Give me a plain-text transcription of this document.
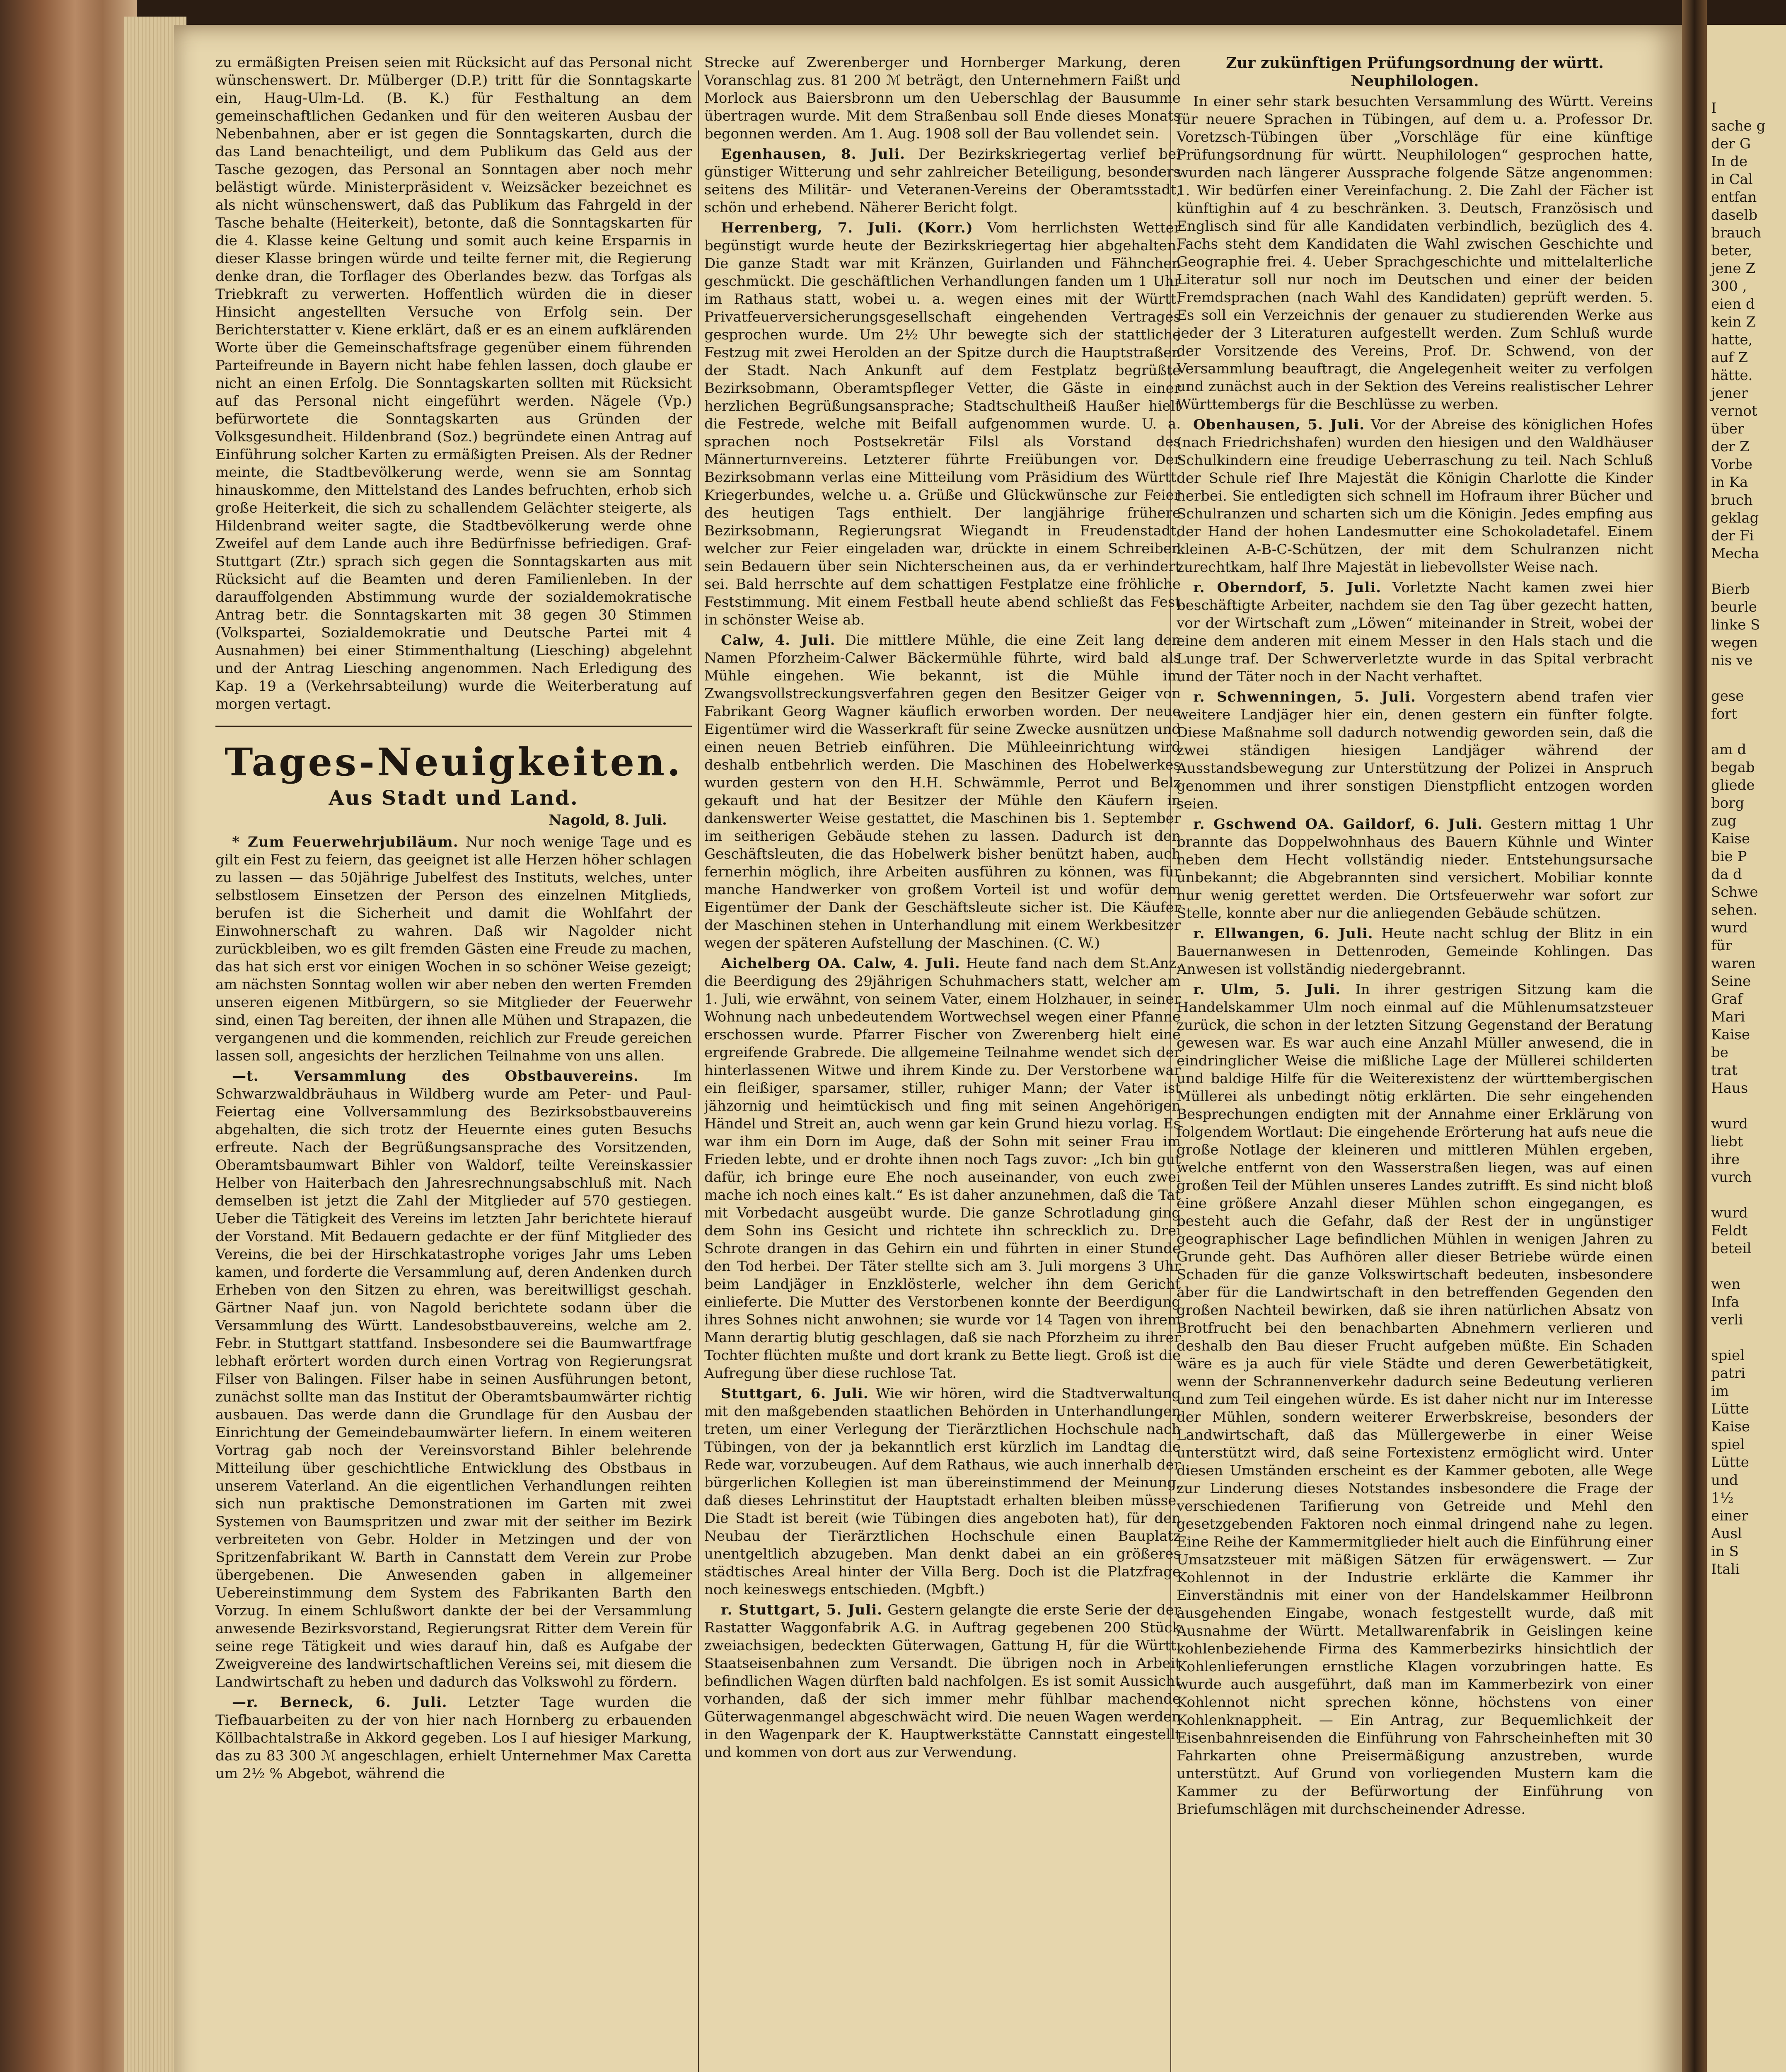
zu ermäßigten Preisen seien mit Rücksicht auf das Personal nicht wünschenswert. Dr. Mülberger (D.P.) tritt für die Sonntagskarte ein, Haug-Ulm-Ld. (B. K.) für Festhaltung an dem gemeinschaftlichen Gedanken und für den weiteren Ausbau der Nebenbahnen, aber er ist gegen die Sonntagskarten, durch die das Land benachteiligt, und dem Publikum das Geld aus der Tasche gezogen, das Personal an Sonntagen aber noch mehr belästigt würde. Ministerpräsident v. Weizsäcker bezeichnet es als nicht wünschenswert, daß das Publikum das Fahrgeld in der Tasche behalte (Heiterkeit), betonte, daß die Sonntagskarten für die 4. Klasse keine Geltung und somit auch keine Ersparnis in dieser Klasse bringen würde und teilte ferner mit, die Regierung denke dran, die Torflager des Oberlandes bezw. das Torfgas als Triebkraft zu verwerten. Hoffentlich würden die in dieser Hinsicht angestellten Versuche von Erfolg sein. Der Berichterstatter v. Kiene erklärt, daß er es an einem aufklärenden Worte über die Gemeinschaftsfrage gegenüber einem führenden Parteifreunde in Bayern nicht habe fehlen lassen, doch glaube er nicht an einen Erfolg. Die Sonntagskarten sollten mit Rücksicht auf das Personal nicht eingeführt werden. Nägele (Vp.) befürwortete die Sonntagskarten aus Gründen der Volksgesundheit. Hildenbrand (Soz.) begründete einen Antrag auf Einführung solcher Karten zu ermäßigten Preisen. Als der Redner meinte, die Stadtbevölkerung werde, wenn sie am Sonntag hinauskomme, den Mittelstand des Landes befruchten, erhob sich große Heiterkeit, die sich zu schallendem Gelächter steigerte, als Hildenbrand weiter sagte, die Stadtbevölkerung werde ohne Zweifel auf dem Lande auch ihre Bedürfnisse befriedigen. Graf-Stuttgart (Ztr.) sprach sich gegen die Sonntagskarten aus mit Rücksicht auf die Beamten und deren Familienleben. In der darauffolgenden Abstimmung wurde der sozialdemokratische Antrag betr. die Sonntagskarten mit 38 gegen 30 Stimmen (Volkspartei, Sozialdemokratie und Deutsche Partei mit 4 Ausnahmen) bei einer Stimmenthaltung (Liesching) abgelehnt und der Antrag Liesching angenommen. Nach Erledigung des Kap. 19 a (Verkehrsabteilung) wurde die Weiterberatung auf morgen vertagt.

Tages-Neuigkeiten.
Aus Stadt und Land.
Nagold, 8. Juli.

* Zum Feuerwehrjubiläum. Nur noch wenige Tage und es gilt ein Fest zu feiern, das geeignet ist alle Herzen höher schlagen zu lassen — das 50jährige Jubelfest des Instituts, welches, unter selbstlosem Einsetzen der Person des einzelnen Mitglieds, berufen ist die Sicherheit und damit die Wohlfahrt der Einwohnerschaft zu wahren. Daß wir Nagolder nicht zurückbleiben, wo es gilt fremden Gästen eine Freude zu machen, das hat sich erst vor einigen Wochen in so schöner Weise gezeigt; am nächsten Sonntag wollen wir aber neben den werten Fremden unseren eigenen Mitbürgern, so sie Mitglieder der Feuerwehr sind, einen Tag bereiten, der ihnen alle Mühen und Strapazen, die vergangenen und die kommenden, reichlich zur Freude gereichen lassen soll, angesichts der herzlichen Teilnahme von uns allen.

—t. Versammlung des Obstbauvereins. Im Schwarzwaldbräuhaus in Wildberg wurde am Peter- und Paul-Feiertag eine Vollversammlung des Bezirksobstbauvereins abgehalten, die sich trotz der Heuernte eines guten Besuchs erfreute. Nach der Begrüßungsansprache des Vorsitzenden, Oberamtsbaumwart Bihler von Waldorf, teilte Vereinskassier Helber von Haiterbach den Jahresrechnungsabschluß mit. Nach demselben ist jetzt die Zahl der Mitglieder auf 570 gestiegen. Ueber die Tätigkeit des Vereins im letzten Jahr berichtete hierauf der Vorstand. Mit Bedauern gedachte er der fünf Mitglieder des Vereins, die bei der Hirschkatastrophe voriges Jahr ums Leben kamen, und forderte die Versammlung auf, deren Andenken durch Erheben von den Sitzen zu ehren, was bereitwilligst geschah. Gärtner Naaf jun. von Nagold berichtete sodann über die Versammlung des Württ. Landesobstbauvereins, welche am 2. Febr. in Stuttgart stattfand. Insbesondere sei die Baumwartfrage lebhaft erörtert worden durch einen Vortrag von Regierungsrat Filser von Balingen. Filser habe in seinen Ausführungen betont, zunächst sollte man das Institut der Oberamtsbaumwärter richtig ausbauen. Das werde dann die Grundlage für den Ausbau der Einrichtung der Gemeindebaumwärter liefern. In einem weiteren Vortrag gab noch der Vereinsvorstand Bihler belehrende Mitteilung über geschichtliche Entwicklung des Obstbaus in unserem Vaterland. An die eigentlichen Verhandlungen reihten sich nun praktische Demonstrationen im Garten mit zwei Systemen von Baumspritzen und zwar mit der seither im Bezirk verbreiteten von Gebr. Holder in Metzingen und der von Spritzenfabrikant W. Barth in Cannstatt dem Verein zur Probe übergebenen. Die Anwesenden gaben in allgemeiner Uebereinstimmung dem System des Fabrikanten Barth den Vorzug. In einem Schlußwort dankte der bei der Versammlung anwesende Bezirksvorstand, Regierungsrat Ritter dem Verein für seine rege Tätigkeit und wies darauf hin, daß es Aufgabe der Zweigvereine des landwirtschaftlichen Vereins sei, mit diesem die Landwirtschaft zu heben und dadurch das Volkswohl zu fördern.

—r. Berneck, 6. Juli. Letzter Tage wurden die Tiefbauarbeiten zu der von hier nach Hornberg zu erbauenden Köllbachtalstraße in Akkord gegeben. Los I auf hiesiger Markung, das zu 83 300 ℳ angeschlagen, erhielt Unternehmer Max Caretta um 2½ % Abgebot, während die

Strecke auf Zwerenberger und Hornberger Markung, deren Voranschlag zus. 81 200 ℳ beträgt, den Unternehmern Faißt und Morlock aus Baiersbronn um den Ueberschlag der Bausumme übertragen wurde. Mit dem Straßenbau soll Ende dieses Monats begonnen werden. Am 1. Aug. 1908 soll der Bau vollendet sein.

Egenhausen, 8. Juli. Der Bezirkskriegertag verlief bei günstiger Witterung und sehr zahlreicher Beteiligung, besonders seitens des Militär- und Veteranen-Vereins der Oberamtsstadt, schön und erhebend. Näherer Bericht folgt.

Herrenberg, 7. Juli. (Korr.) Vom herrlichsten Wetter begünstigt wurde heute der Bezirkskriegertag hier abgehalten. Die ganze Stadt war mit Kränzen, Guirlanden und Fähnchen geschmückt. Die geschäftlichen Verhandlungen fanden um 1 Uhr im Rathaus statt, wobei u. a. wegen eines mit der Württ. Privatfeuerversicherungsgesellschaft eingehenden Vertrages gesprochen wurde. Um 2½ Uhr bewegte sich der stattliche Festzug mit zwei Herolden an der Spitze durch die Hauptstraßen der Stadt. Nach Ankunft auf dem Festplatz begrüßte Bezirksobmann, Oberamtspfleger Vetter, die Gäste in einer herzlichen Begrüßungsansprache; Stadtschultheiß Haußer hielt die Festrede, welche mit Beifall aufgenommen wurde. U. a. sprachen noch Postsekretär Filsl als Vorstand des Männerturnvereins. Letzterer führte Freiübungen vor. Der Bezirksobmann verlas eine Mitteilung vom Präsidium des Württ. Kriegerbundes, welche u. a. Grüße und Glückwünsche zur Feier des heutigen Tags enthielt. Der langjährige frühere Bezirksobmann, Regierungsrat Wiegandt in Freudenstadt, welcher zur Feier eingeladen war, drückte in einem Schreiben sein Bedauern über sein Nichterscheinen aus, da er verhindert sei. Bald herrschte auf dem schattigen Festplatze eine fröhliche Feststimmung. Mit einem Festball heute abend schließt das Fest in schönster Weise ab.

Calw, 4. Juli. Die mittlere Mühle, die eine Zeit lang den Namen Pforzheim-Calwer Bäckermühle führte, wird bald als Mühle eingehen. Wie bekannt, ist die Mühle im Zwangsvollstreckungsverfahren gegen den Besitzer Geiger von Fabrikant Georg Wagner käuflich erworben worden. Der neue Eigentümer wird die Wasserkraft für seine Zwecke ausnützen und einen neuen Betrieb einführen. Die Mühleeinrichtung wird deshalb entbehrlich werden. Die Maschinen des Hobelwerkes wurden gestern von den H.H. Schwämmle, Perrot und Belz gekauft und hat der Besitzer der Mühle den Käufern in dankenswerter Weise gestattet, die Maschinen bis 1. September im seitherigen Gebäude stehen zu lassen. Dadurch ist den Geschäftsleuten, die das Hobelwerk bisher benützt haben, auch fernerhin möglich, ihre Arbeiten ausführen zu können, was für manche Handwerker von großem Vorteil ist und wofür dem Eigentümer der Dank der Geschäftsleute sicher ist. Die Käufer der Maschinen stehen in Unterhandlung mit einem Werkbesitzer wegen der späteren Aufstellung der Maschinen. (C. W.)

Aichelberg OA. Calw, 4. Juli. Heute fand nach dem St.Anz. die Beerdigung des 29jährigen Schuhmachers statt, welcher am 1. Juli, wie erwähnt, von seinem Vater, einem Holzhauer, in seiner Wohnung nach unbedeutendem Wortwechsel wegen einer Pfanne erschossen wurde. Pfarrer Fischer von Zwerenberg hielt eine ergreifende Grabrede. Die allgemeine Teilnahme wendet sich der hinterlassenen Witwe und ihrem Kinde zu. Der Verstorbene war ein fleißiger, sparsamer, stiller, ruhiger Mann; der Vater ist jähzornig und heimtückisch und fing mit seinen Angehörigen Händel und Streit an, auch wenn gar kein Grund hiezu vorlag. Es war ihm ein Dorn im Auge, daß der Sohn mit seiner Frau im Frieden lebte, und er drohte ihnen noch Tags zuvor: „Ich bin gut dafür, ich bringe eure Ehe noch auseinander, von euch zwei mache ich noch eines kalt.“ Es ist daher anzunehmen, daß die Tat mit Vorbedacht ausgeübt wurde. Die ganze Schrotladung ging dem Sohn ins Gesicht und richtete ihn schrecklich zu. Drei Schrote drangen in das Gehirn ein und führten in einer Stunde den Tod herbei. Der Täter stellte sich am 3. Juli morgens 3 Uhr beim Landjäger in Enzklösterle, welcher ihn dem Gericht einlieferte. Die Mutter des Verstorbenen konnte der Beerdigung ihres Sohnes nicht anwohnen; sie wurde vor 14 Tagen von ihrem Mann derartig blutig geschlagen, daß sie nach Pforzheim zu ihrer Tochter flüchten mußte und dort krank zu Bette liegt. Groß ist die Aufregung über diese ruchlose Tat.

Stuttgart, 6. Juli. Wie wir hören, wird die Stadtverwaltung mit den maßgebenden staatlichen Behörden in Unterhandlungen treten, um einer Verlegung der Tierärztlichen Hochschule nach Tübingen, von der ja bekanntlich erst kürzlich im Landtag die Rede war, vorzubeugen. Auf dem Rathaus, wie auch innerhalb der bürgerlichen Kollegien ist man übereinstimmend der Meinung, daß dieses Lehrinstitut der Hauptstadt erhalten bleiben müsse. Die Stadt ist bereit (wie Tübingen dies angeboten hat), für den Neubau der Tierärztlichen Hochschule einen Bauplatz unentgeltlich abzugeben. Man denkt dabei an ein größeres städtisches Areal hinter der Villa Berg. Doch ist die Platzfrage noch keineswegs entschieden. (Mgbft.)

r. Stuttgart, 5. Juli. Gestern gelangte die erste Serie der der Rastatter Waggonfabrik A.G. in Auftrag gegebenen 200 Stück zweiachsigen, bedeckten Güterwagen, Gattung H, für die Württ. Staatseisenbahnen zum Versandt. Die übrigen noch in Arbeit befindlichen Wagen dürften bald nachfolgen. Es ist somit Aussicht vorhanden, daß der sich immer mehr fühlbar machende Güterwagenmangel abgeschwächt wird. Die neuen Wagen werden in den Wagenpark der K. Hauptwerkstätte Cannstatt eingestellt und kommen von dort aus zur Verwendung.

Zur zukünftigen Prüfungsordnung der württ. Neuphilologen.

In einer sehr stark besuchten Versammlung des Württ. Vereins für neuere Sprachen in Tübingen, auf dem u. a. Professor Dr. Voretzsch-Tübingen über „Vorschläge für eine künftige Prüfungsordnung für württ. Neuphilologen“ gesprochen hatte, wurden nach längerer Aussprache folgende Sätze angenommen: 1. Wir bedürfen einer Vereinfachung. 2. Die Zahl der Fächer ist künftighin auf 4 zu beschränken. 3. Deutsch, Französisch und Englisch sind für alle Kandidaten verbindlich, bezüglich des 4. Fachs steht dem Kandidaten die Wahl zwischen Geschichte und Geographie frei. 4. Ueber Sprachgeschichte und mittelalterliche Literatur soll nur noch im Deutschen und einer der beiden Fremdsprachen (nach Wahl des Kandidaten) geprüft werden. 5. Es soll ein Verzeichnis der genauer zu studierenden Werke aus jeder der 3 Literaturen aufgestellt werden. Zum Schluß wurde der Vorsitzende des Vereins, Prof. Dr. Schwend, von der Versammlung beauftragt, die Angelegenheit weiter zu verfolgen und zunächst auch in der Sektion des Vereins realistischer Lehrer Württembergs für die Beschlüsse zu werben.

Obenhausen, 5. Juli. Vor der Abreise des königlichen Hofes (nach Friedrichshafen) wurden den hiesigen und den Waldhäuser Schulkindern eine freudige Ueberraschung zu teil. Nach Schluß der Schule rief Ihre Majestät die Königin Charlotte die Kinder herbei. Sie entledigten sich schnell im Hofraum ihrer Bücher und Schulranzen und scharten sich um die Königin. Jedes empfing aus der Hand der hohen Landesmutter eine Schokoladetafel. Einem kleinen A-B-C-Schützen, der mit dem Schulranzen nicht zurechtkam, half Ihre Majestät in liebevollster Weise nach.

r. Oberndorf, 5. Juli. Vorletzte Nacht kamen zwei hier beschäftigte Arbeiter, nachdem sie den Tag über gezecht hatten, vor der Wirtschaft zum „Löwen“ miteinander in Streit, wobei der eine dem anderen mit einem Messer in den Hals stach und die Lunge traf. Der Schwerverletzte wurde in das Spital verbracht und der Täter noch in der Nacht verhaftet.

r. Schwenningen, 5. Juli. Vorgestern abend trafen vier weitere Landjäger hier ein, denen gestern ein fünfter folgte. Diese Maßnahme soll dadurch notwendig geworden sein, daß die zwei ständigen hiesigen Landjäger während der Ausstandsbewegung zur Unterstützung der Polizei in Anspruch genommen und ihrer sonstigen Dienstpflicht entzogen worden seien.

r. Gschwend OA. Gaildorf, 6. Juli. Gestern mittag 1 Uhr brannte das Doppelwohnhaus des Bauern Kühnle und Winter neben dem Hecht vollständig nieder. Entstehungsursache unbekannt; die Abgebrannten sind versichert. Mobiliar konnte nur wenig gerettet werden. Die Ortsfeuerwehr war sofort zur Stelle, konnte aber nur die anliegenden Gebäude schützen.

r. Ellwangen, 6. Juli. Heute nacht schlug der Blitz in ein Bauernanwesen in Dettenroden, Gemeinde Kohlingen. Das Anwesen ist vollständig niedergebrannt.

r. Ulm, 5. Juli. In ihrer gestrigen Sitzung kam die Handelskammer Ulm noch einmal auf die Mühlenumsatzsteuer zurück, die schon in der letzten Sitzung Gegenstand der Beratung gewesen war. Es war auch eine Anzahl Müller anwesend, die in eindringlicher Weise die mißliche Lage der Müllerei schilderten und baldige Hilfe für die Weiterexistenz der württembergischen Müllerei als unbedingt nötig erklärten. Die sehr eingehenden Besprechungen endigten mit der Annahme einer Erklärung von folgendem Wortlaut: Die eingehende Erörterung hat aufs neue die große Notlage der kleineren und mittleren Mühlen ergeben, welche entfernt von den Wasserstraßen liegen, was auf einen großen Teil der Mühlen unseres Landes zutrifft. Es sind nicht bloß eine größere Anzahl dieser Mühlen schon eingegangen, es besteht auch die Gefahr, daß der Rest der in ungünstiger geographischer Lage befindlichen Mühlen in wenigen Jahren zu Grunde geht. Das Aufhören aller dieser Betriebe würde einen Schaden für die ganze Volkswirtschaft bedeuten, insbesondere aber für die Landwirtschaft in den betreffenden Gegenden den großen Nachteil bewirken, daß sie ihren natürlichen Absatz von Brotfrucht bei den benachbarten Abnehmern verlieren und deshalb den Bau dieser Frucht aufgeben müßte. Ein Schaden wäre es ja auch für viele Städte und deren Gewerbetätigkeit, wenn der Schrannenverkehr dadurch seine Bedeutung verlieren und zum Teil eingehen würde. Es ist daher nicht nur im Interesse der Mühlen, sondern weiterer Erwerbskreise, besonders der Landwirtschaft, daß das Müllergewerbe in einer Weise unterstützt wird, daß seine Fortexistenz ermöglicht wird. Unter diesen Umständen erscheint es der Kammer geboten, alle Wege zur Linderung dieses Notstandes insbesondere die Frage der verschiedenen Tarifierung von Getreide und Mehl den gesetzgebenden Faktoren noch einmal dringend nahe zu legen. Eine Reihe der Kammermitglieder hielt auch die Einführung einer Umsatzsteuer mit mäßigen Sätzen für erwägenswert. — Zur Kohlennot in der Industrie erklärte die Kammer ihr Einverständnis mit einer von der Handelskammer Heilbronn ausgehenden Eingabe, wonach festgestellt wurde, daß mit Ausnahme der Württ. Metallwarenfabrik in Geislingen keine kohlenbeziehende Firma des Kammerbezirks hinsichtlich der Kohlenlieferungen ernstliche Klagen vorzubringen hatte. Es wurde auch ausgeführt, daß man im Kammerbezirk von einer Kohlennot nicht sprechen könne, höchstens von einer Kohlenknappheit. — Ein Antrag, zur Bequemlichkeit der Eisenbahnreisenden die Einführung von Fahrscheinheften mit 30 Fahrkarten ohne Preisermäßigung anzustreben, wurde unterstützt. Auf Grund von vorliegenden Mustern kam die Kammer zu der Befürwortung der Einführung von Briefumschlägen mit durchscheinender Adresse.

I
sache g
der G
In de
in Cal
entfan
daselb
brauch
beter,
jene Z
300 ,
eien d
kein Z
hatte,
auf Z
hätte.
jener
vernot
über
der Z
Vorbe
in Ka
bruch
geklag
der Fi
Mecha

Bierb
beurle
linke S
wegen
nis ve

gese
fort

am d
begab
gliede
borg
zug
Kaise
bie P
da d
Schwe
sehen.
wurd
für
waren
Seine
Graf
Mari
Kaise
be
trat
Haus

wurd
liebt
ihre
vurch

wurd
Feldt
beteil

wen
Infa
verli

spiel
patri
im
Lütte
Kaise
spiel
Lütte
und
1½
einer
Ausl
in S
Itali
